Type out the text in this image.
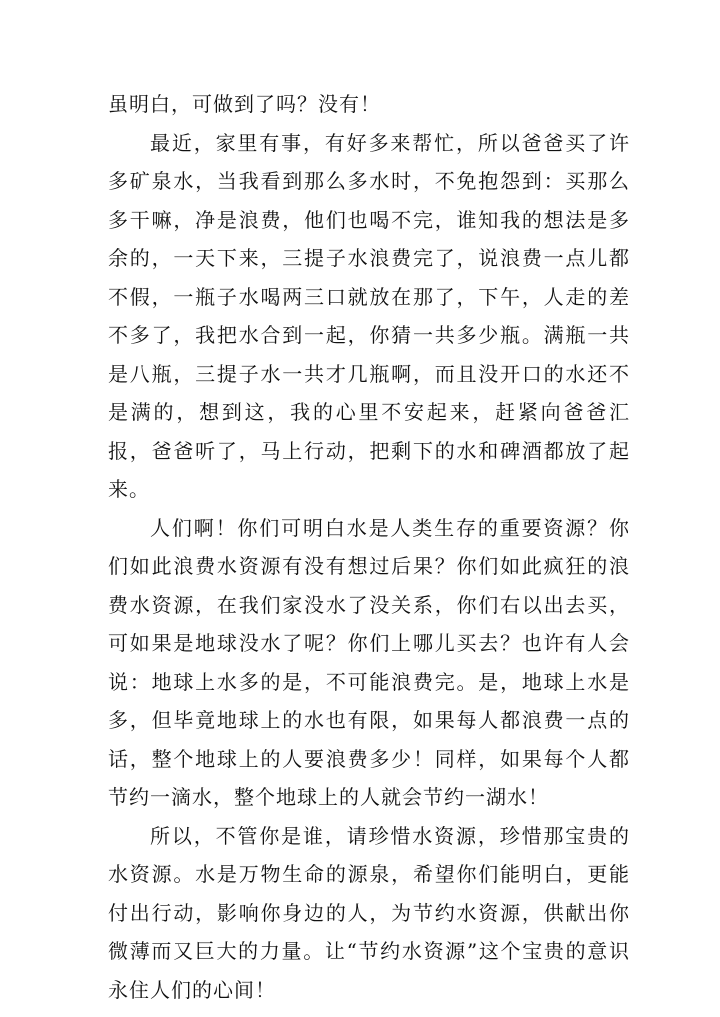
虽明白，可做到了吗？没有！

最近，家里有事，有好多来帮忙，所以爸爸买了许多矿泉水，当我看到那么多水时，不免抱怨到：买那么多干嘛，净是浪费，他们也喝不完，谁知我的想法是多余的，一天下来，三提子水浪费完了，说浪费一点儿都不假，一瓶子水喝两三口就放在那了，下午，人走的差不多了，我把水合到一起，你猜一共多少瓶。满瓶一共是八瓶，三提子水一共才几瓶啊，而且没开口的水还不是满的，想到这，我的心里不安起来，赶紧向爸爸汇报，爸爸听了，马上行动，把剩下的水和碑酒都放了起来。

人们啊！你们可明白水是人类生存的重要资源？你们如此浪费水资源有没有想过后果？你们如此疯狂的浪费水资源，在我们家没水了没关系，你们右以出去买，可如果是地球没水了呢？你们上哪儿买去？也许有人会说：地球上水多的是，不可能浪费完。是，地球上水是多，但毕竟地球上的水也有限，如果每人都浪费一点的话，整个地球上的人要浪费多少！同样，如果每个人都节约一滴水，整个地球上的人就会节约一湖水！

所以，不管你是谁，请珍惜水资源，珍惜那宝贵的水资源。水是万物生命的源泉，希望你们能明白，更能付出行动，影响你身边的人，为节约水资源，供献出你微薄而又巨大的力量。让“节约水资源”这个宝贵的意识永住人们的心间！
